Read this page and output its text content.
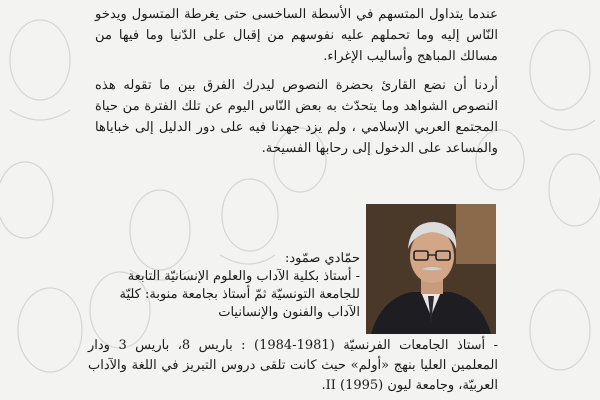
عندما يتداول المتسهم في الأسطة الساخسى حتى يغرطة المتسول ويدخو النّاس إليه وما تحملهم عليه نفوسهم من إقبال على الدّنيا وما فيها من مسالك المباهج وأساليب الإغراء.

أردنا أن نضع القارئ بحضرة النصوص ليدرك الفرق بين ما تقوله هذه النصوص الشواهد وما يتحدّث به بعض النّاس اليوم عن تلك الفترة من حياة المجتمع العربي الإسلامي ، ولم يزد جهدنا فيه على دور الدليل إلى خباياها والمساعد على الدخول إلى رحابها الفسيحة.

حمّادي صمّود:
- أستاذ بكلية الآداب والعلوم الإنسانيّة التابعة للجامعة التونسيّة ثمّ أستاذ بجامعة منوبة: كليّة الآداب والفنون والإنسانيات
- أستاذ الجامعات الفرنسيّة (1981-1984) : باريس 8، باريس 3 ودار المعلمين العليا بنهج «أولم» حيث كانت تلقى دروس التبريز في اللغة والآداب العربيّة، وجامعة ليون II (1995).
